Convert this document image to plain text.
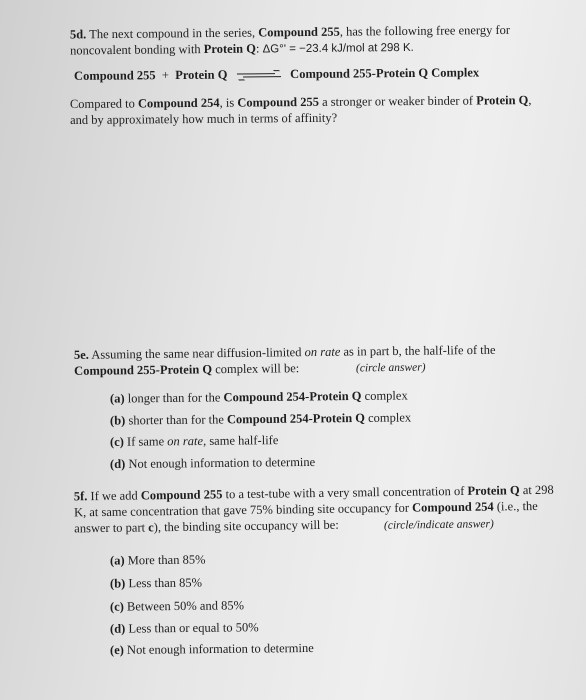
5d. The next compound in the series, Compound 255, has the following free energy for noncovalent bonding with Protein Q: ΔG°' = −23.4 kJ/mol at 298 K.
Compound 255 + Protein Q	Compound 255-Protein Q Complex
Compared to Compound 254, is Compound 255 a stronger or weaker binder of Protein Q, and by approximately how much in terms of affinity?
5e. Assuming the same near diffusion-limited on rate as in part b, the half-life of the Compound 255-Protein Q complex will be:	(circle answer)
(a) longer than for the Compound 254-Protein Q complex
(b) shorter than for the Compound 254-Protein Q complex
(c) If same on rate, same half-life
(d) Not enough information to determine
5f. If we add Compound 255 to a test-tube with a very small concentration of Protein Q at 298 K, at same concentration that gave 75% binding site occupancy for Compound 254 (i.e., the answer to part c), the binding site occupancy will be:	(circle/indicate answer)
(a) More than 85%
(b) Less than 85%
(c) Between 50% and 85%
(d) Less than or equal to 50%
(e) Not enough information to determine
